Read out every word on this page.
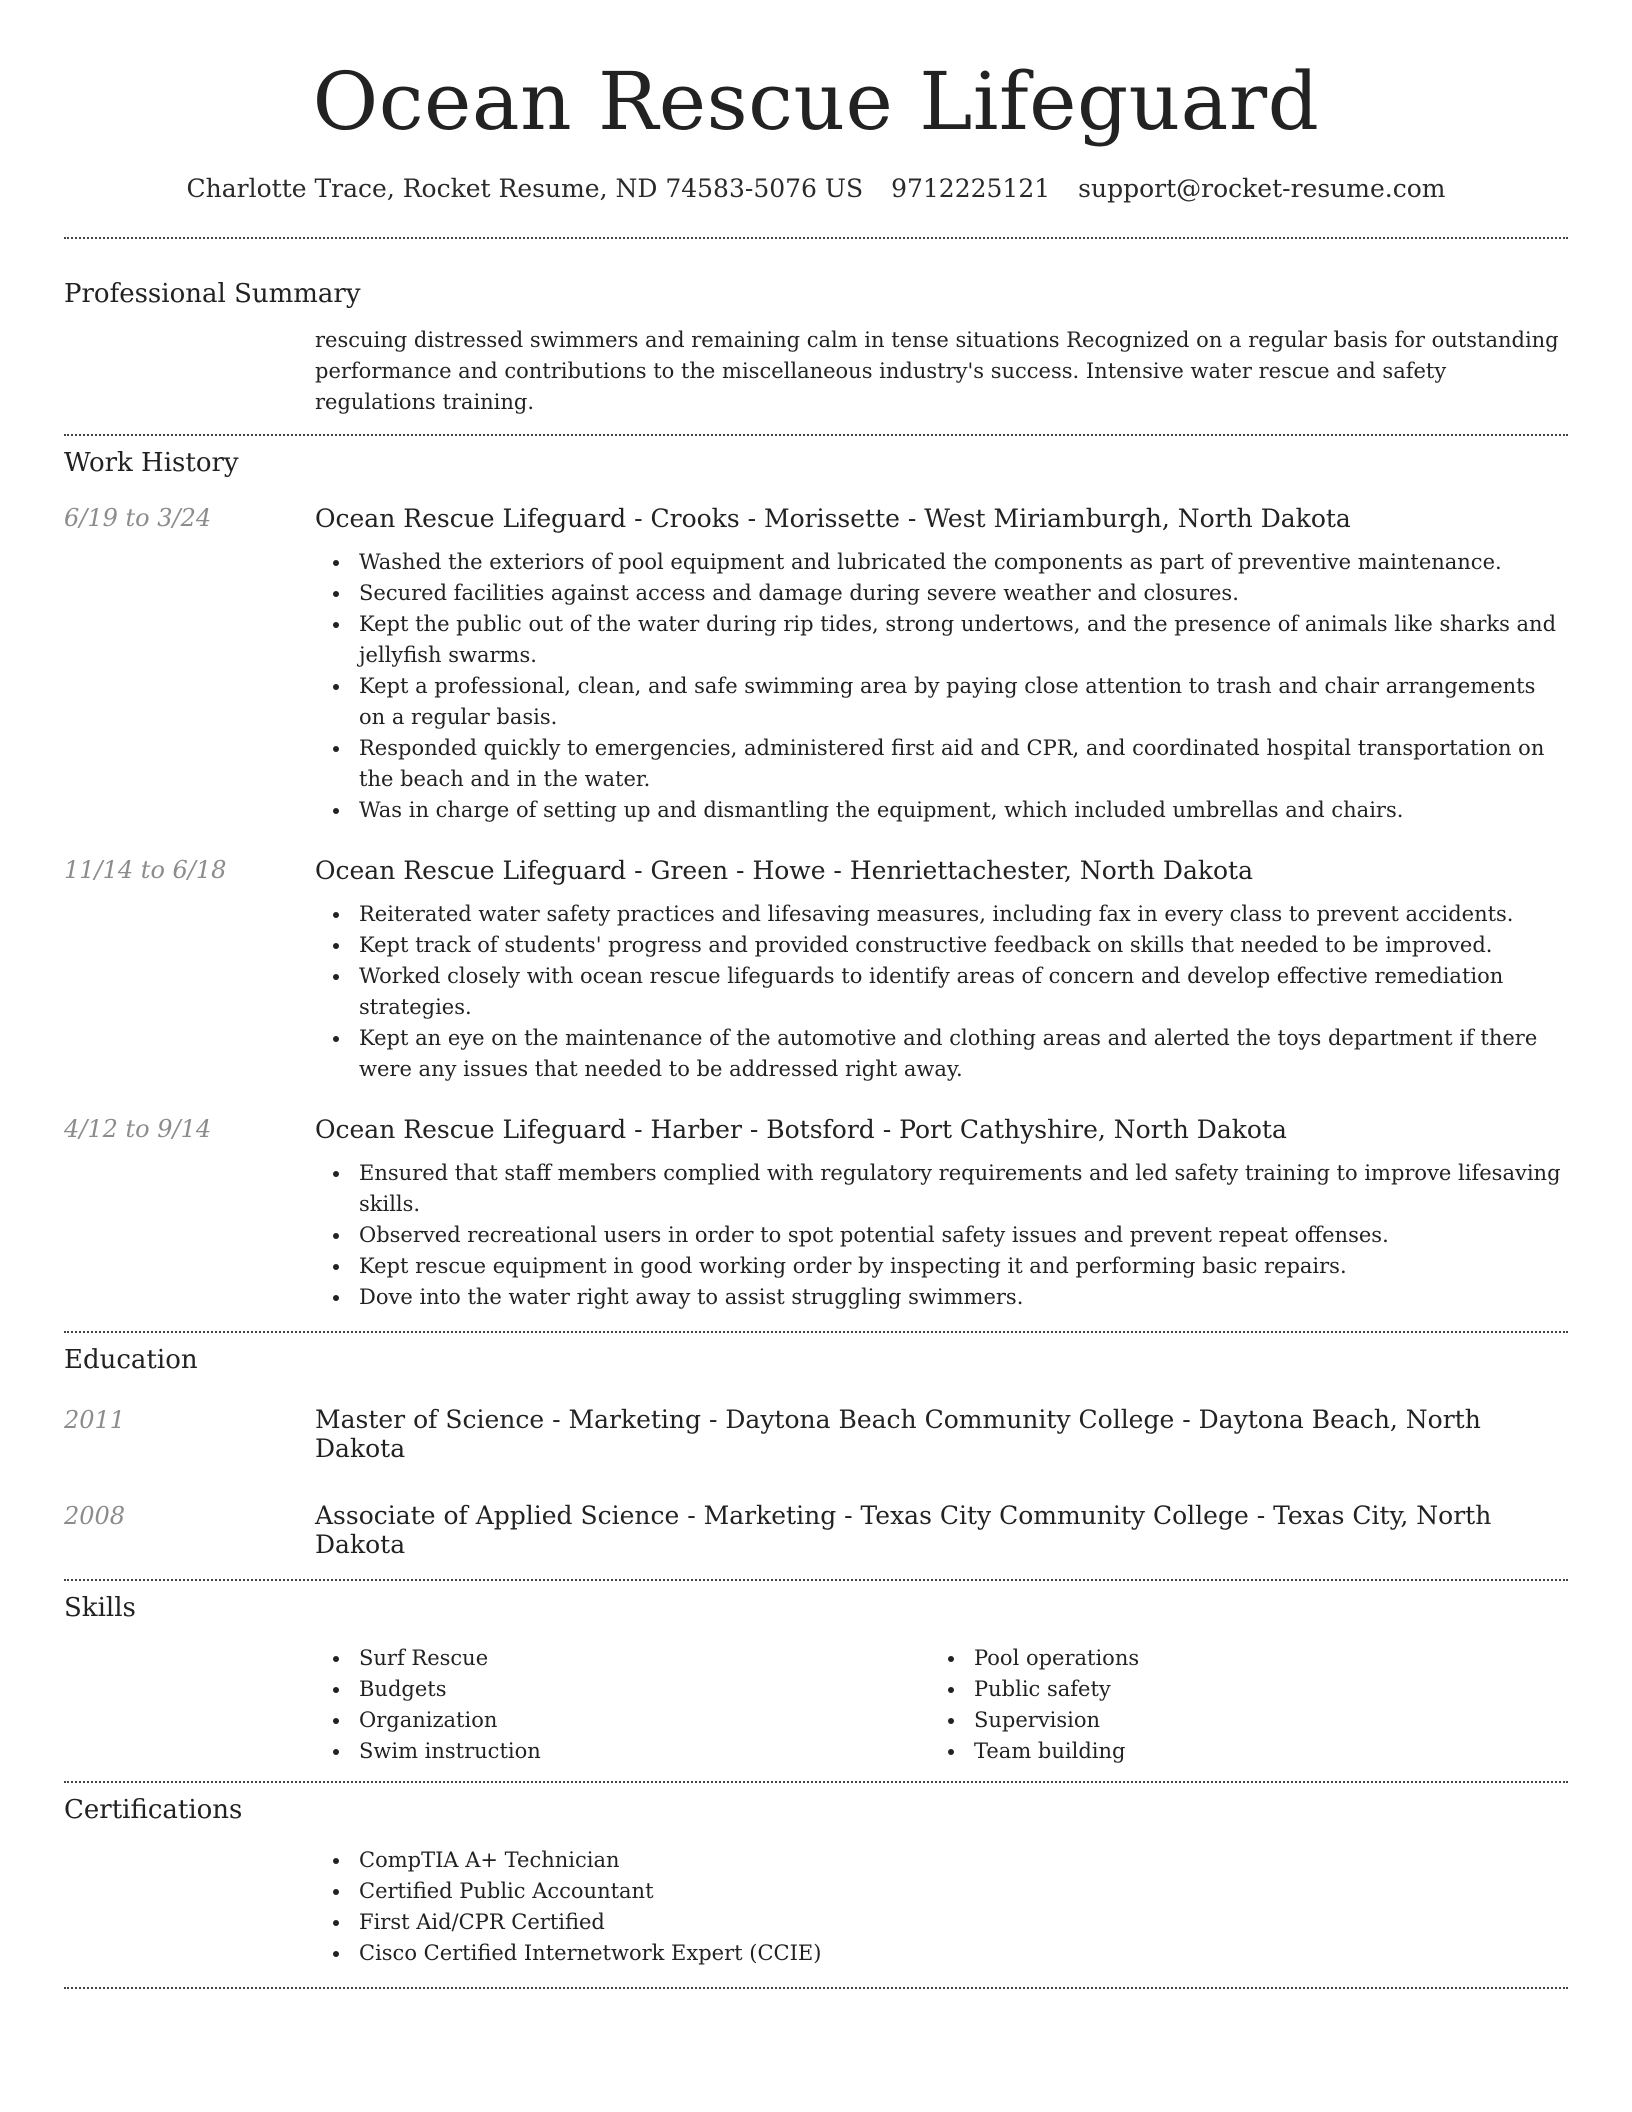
Ocean Rescue Lifeguard
Charlotte Trace, Rocket Resume, ND 74583-5076 US 9712225121 support@rocket-resume.com
Professional Summary

rescuing distressed swimmers and remaining calm in tense situations Recognized on a regular basis for outstanding performance and contributions to the miscellaneous industry's success. Intensive water rescue and safety regulations training.

Work History
6/19 to 3/24	Ocean Rescue Lifeguard - Crooks - Morissette - West Miriamburgh, North Dakota
Washed the exteriors of pool equipment and lubricated the components as part of preventive maintenance.
Secured facilities against access and damage during severe weather and closures.
Kept the public out of the water during rip tides, strong undertows, and the presence of animals like sharks and jellyfish swarms.
Kept a professional, clean, and safe swimming area by paying close attention to trash and chair arrangements on a regular basis.
Responded quickly to emergencies, administered first aid and CPR, and coordinated hospital transportation on the beach and in the water.
Was in charge of setting up and dismantling the equipment, which included umbrellas and chairs.
11/14 to 6/18	Ocean Rescue Lifeguard - Green - Howe - Henriettachester, North Dakota
Reiterated water safety practices and lifesaving measures, including fax in every class to prevent accidents.
Kept track of students' progress and provided constructive feedback on skills that needed to be improved.
Worked closely with ocean rescue lifeguards to identify areas of concern and develop effective remediation strategies.
Kept an eye on the maintenance of the automotive and clothing areas and alerted the toys department if there were any issues that needed to be addressed right away.
4/12 to 9/14	Ocean Rescue Lifeguard - Harber - Botsford - Port Cathyshire, North Dakota
Ensured that staff members complied with regulatory requirements and led safety training to improve lifesaving skills.
Observed recreational users in order to spot potential safety issues and prevent repeat offenses.
Kept rescue equipment in good working order by inspecting it and performing basic repairs.
Dove into the water right away to assist struggling swimmers.
Education
2011	Master of Science - Marketing - Daytona Beach Community College - Daytona Beach, North Dakota
2008	Associate of Applied Science - Marketing - Texas City Community College - Texas City, North Dakota
Skills
Surf Rescue
Budgets
Organization
Swim instruction
Pool operations
Public safety
Supervision
Team building
Certifications
CompTIA A+ Technician
Certified Public Accountant
First Aid/CPR Certified
Cisco Certified Internetwork Expert (CCIE)
